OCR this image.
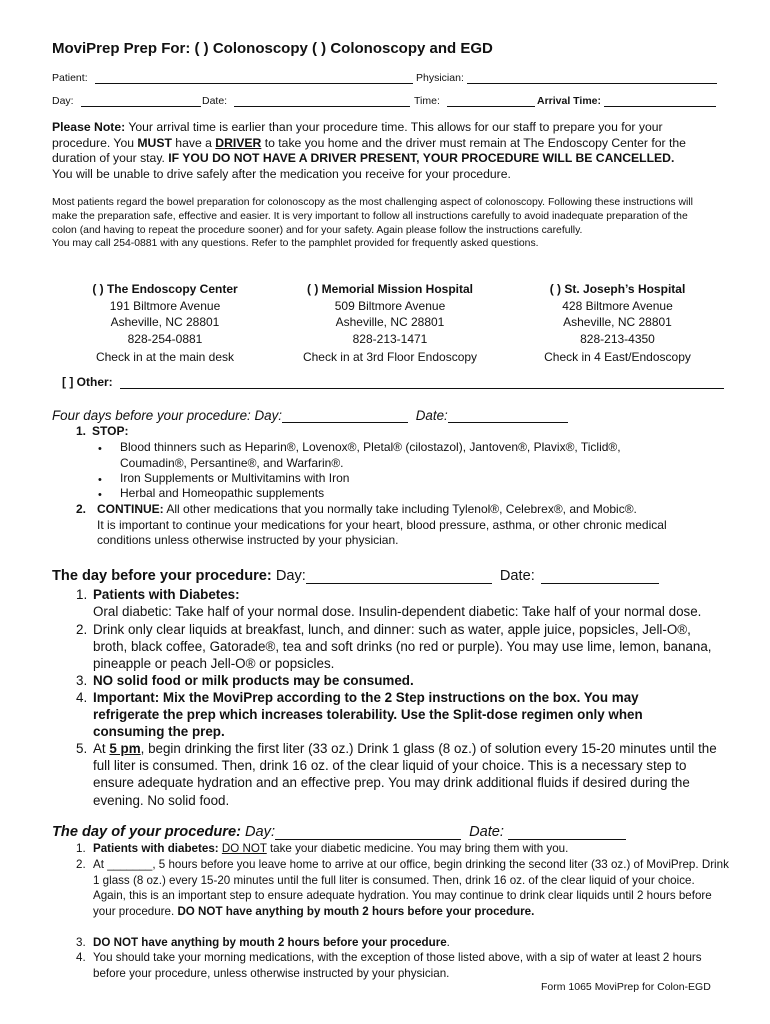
MoviPrep Prep For: ( ) Colonoscopy ( ) Colonoscopy and EGD
Patient:	Physician:
Day:	Date:	Time:	Arrival Time:
Please Note: Your arrival time is earlier than your procedure time. This allows for our staff to prepare you for your procedure. You MUST have a DRIVER to take you home and the driver must remain at The Endoscopy Center for the duration of your stay. IF YOU DO NOT HAVE A DRIVER PRESENT, YOUR PROCEDURE WILL BE CANCELLED. You will be unable to drive safely after the medication you receive for your procedure.
Most patients regard the bowel preparation for colonoscopy as the most challenging aspect of colonoscopy. Following these instructions will make the preparation safe, effective and easier. It is very important to follow all instructions carefully to avoid inadequate preparation of the colon (and having to repeat the procedure sooner) and for your safety. Again please follow the instructions carefully.
You may call 254-0881 with any questions. Refer to the pamphlet provided for frequently asked questions.
( ) The Endoscopy Center
191 Biltmore Avenue
Asheville, NC 28801
828-254-0881
Check in at the main desk
( ) Memorial Mission Hospital
509 Biltmore Avenue
Asheville, NC 28801
828-213-1471
Check in at 3rd Floor Endoscopy
( ) St. Joseph’s Hospital
428 Biltmore Avenue
Asheville, NC 28801
828-213-4350
Check in 4 East/Endoscopy
[ ] Other:
Four days before your procedure: Day:	Date:
1. STOP:
• Blood thinners such as Heparin®, Lovenox®, Pletal® (cilostazol), Jantoven®, Plavix®, Ticlid®, Coumadin®, Persantine®, and Warfarin®.
• Iron Supplements or Multivitamins with Iron
• Herbal and Homeopathic supplements
2. CONTINUE: All other medications that you normally take including Tylenol®, Celebrex®, and Mobic®.
It is important to continue your medications for your heart, blood pressure, asthma, or other chronic medical conditions unless otherwise instructed by your physician.
The day before your procedure: Day:	Date:
1. Patients with Diabetes:
Oral diabetic: Take half of your normal dose. Insulin-dependent diabetic: Take half of your normal dose.
2. Drink only clear liquids at breakfast, lunch, and dinner: such as water, apple juice, popsicles, Jell-O®, broth, black coffee, Gatorade®, tea and soft drinks (no red or purple). You may use lime, lemon, banana, pineapple or peach Jell-O® or popsicles.
3. NO solid food or milk products may be consumed.
4. Important: Mix the MoviPrep according to the 2 Step instructions on the box. You may refrigerate the prep which increases tolerability. Use the Split-dose regimen only when consuming the prep.
5. At 5 pm, begin drinking the first liter (33 oz.) Drink 1 glass (8 oz.) of solution every 15-20 minutes until the full liter is consumed. Then, drink 16 oz. of the clear liquid of your choice. This is a necessary step to ensure adequate hydration and an effective prep. You may drink additional fluids if desired during the evening. No solid food.
The day of your procedure: Day:	Date:
1. Patients with diabetes: DO NOT take your diabetic medicine. You may bring them with you.
2. At _______, 5 hours before you leave home to arrive at our office, begin drinking the second liter (33 oz.) of MoviPrep. Drink 1 glass (8 oz.) every 15-20 minutes until the full liter is consumed. Then, drink 16 oz. of the clear liquid of your choice. Again, this is an important step to ensure adequate hydration. You may continue to drink clear liquids until 2 hours before your procedure. DO NOT have anything by mouth 2 hours before your procedure.
3. DO NOT have anything by mouth 2 hours before your procedure.
4. You should take your morning medications, with the exception of those listed above, with a sip of water at least 2 hours before your procedure, unless otherwise instructed by your physician.
Form 1065 MoviPrep for Colon-EGD
